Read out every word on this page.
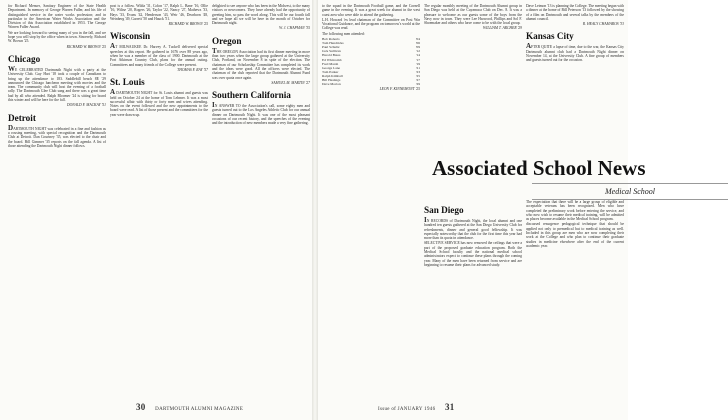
for Richard Menser, Sanitary Engineer of the State Health Department. In memory of George Warren Fuller, and his life of distinguished service in the water works profession; and in particular to the American Water Works Association and the Division of this Association established in 1953. The George Warren Fuller Award.

We are looking forward to seeing many of you in the fall, and we hope you will stop by the office when in town. Sincerely, Richard W. Brown '25.

RICHARD W. BROWN '25

Chicago

WE CELEBRATED Dartmouth Night with a party at the University Club. Guy Hart '18 took a couple of Canadians to bring up the attendance to 183. Saddlebill beach 8E '29 announced the Chicago luncheon meeting with movies and the team. The community club will host the evening of a football rally. The Dartmouth Glee Club sang and there was a great time had by all who attended. Ralph Bloomer '24 is sitting for board this winter and will be here for the fall.

DONALD F. MACKAY '51

Detroit

DARTMOUTH NIGHT was celebrated in a fine and fashion as a rousing meeting, with special recognition and the Dartmouth Club at Detroit. Dan Courtney '35, was elected to the chair and the board. Bill Gimmer '35 reports on the fall agenda. A list of those attending the Dartmouth Night dinner follows.

post is a follow. Wilda '31, Colon '17, Ralph L. Bane '16, Ollie '16, Wiltse '20, Rogers '26, Taylor '22, Nancy '27, Mathews '33, Hays '33, Evans '42, Henderson '43, Weir '46, Dearborn '48, Weinberg '49, Garrett '50 and Hauck '51.

RICHARD W. BROWN '25

Wisconsin

AT MILWAUKEE Dr. Harvey A. Tuckell delivered special speeches at this report. He gathered in 1676 over 88 years ago, when he was a member of the class of 1900. Dartmouth at the Fort Atkinson Country Club, plans for the annual outing. Committees and many friends of the College were present.

THOMAS F. RAY '57

St. Louis

A DARTMOUTH NIGHT for St. Louis alumni and guests was held on October 24 at the home of Tom Lehmer. It was a most successful affair with thirty or forty men and wives attending. Notes on the event followed and the new appointments to the board were read. A list of those present and the committees for the year were drawn up.

delighted to see anyone who has been in the Midwest, to the many visitors or newcomers. They have already had the opportunity of greeting him, so pass the word along. This will be our fourth fall and we hope all we will be here in the month of October for Dartmouth night.

W. J. CHAPMAN '35

Oregon

THE OREGON Association had its first dinner meeting in more than two years when the large group gathered at the University Club, Portland, on November 8 in spite of the election. The chairman of our Scholarship Committee has completed its work and the ideas were good. All the officers were elected. The chairman of the club reported that the Dartmouth Alumni Fund was over quota once again.

SAMUEL M. MARTIN '27

Southern California

IN ANSWER TO the Association's call, some eighty men and guests turned out to the Los Angeles Athletic Club for our annual dinner on Dartmouth Night. It was one of the most pleasant occasions of our recent history, and the speeches of the evening and the introduction of new members made a very fine gathering.

30 DARTMOUTH ALUMNI MAGAZINE

to the squad in the Dartmouth Football game, and the Cornell game in the evening. It was a great week for alumni in the west coast area who were able to attend the gathering.

L.H. Howard 'ex lead chairman of the Committee on Post War Vocational Guidance, and the program on tomorrow's world at the College was read.

The following men attended:

Bob Roberts	'04
Tom Hendricks	'06
Paul Schultz	'09
Jack Sullivan	'12
Harold Bates	'14
Ed Whitcomb	'17
Fred Marsh	'19
George Lane	'21
Tom Parker	'23
Ralph Kimball	'25
Bill Hastings	'27
Dave Morton	'29

LEON F. KINNEMONT '25

The regular monthly meeting of the Dartmouth Alumni group in San Diego was held at the Cuyamaca Club on Dec. 8. It was a pleasure to welcome as our guests some of the boys from the Navy now in town. They were Lee Harwood, Phillips and Sol F. Shoemaker and others who have come to be with the local group.

WILLIAM T. ARCHER '29

Dave Leimon '13 is planning the College. The meeting began with a dinner at the home of Bill Peterson '13 followed by the showing of a film on Dartmouth and several talks by the members of the alumni council.

R. HEALY CHAMAROS '33

Kansas City

AFTER QUITE a lapse of time, due to the war, the Kansas City Dartmouth alumni club had a Dartmouth Night dinner on November 14, at the University Club. A fine group of members and guests turned out for the occasion.

Associated School News
Medical School
San Diego

IN RECORDS of Dartmouth Night, the local alumni and one hundred ten guests gathered at the San Diego University Club for refreshments, dinner and general good fellowship. It was especially noteworthy that the club for the first time this year had more than its quota in attendance.

SELECTIVE SERVICE has now removed the ceilings that were a part of the proposed graduate education program. Both the Medical School faculty and the national medical school administrators expect to continue these plans through the coming year. Many of the men have been returned from service and are beginning to resume their plans for advanced study.

The expectation that there will be a large group of eligible and acceptable veterans has been recognized. Men who have completed the preliminary work before entering the service, and who now wish to resume their medical training, will be admitted as places become available in the Medical School program.

discussed resurgence pedagogical technique that should be applied not only to premedical but to medical training as well. Included in this group are men who are now completing their work at the College and who plan to continue their graduate studies in medicine elsewhere after the end of the current academic year.

Issue of JANUARY 1946 31
